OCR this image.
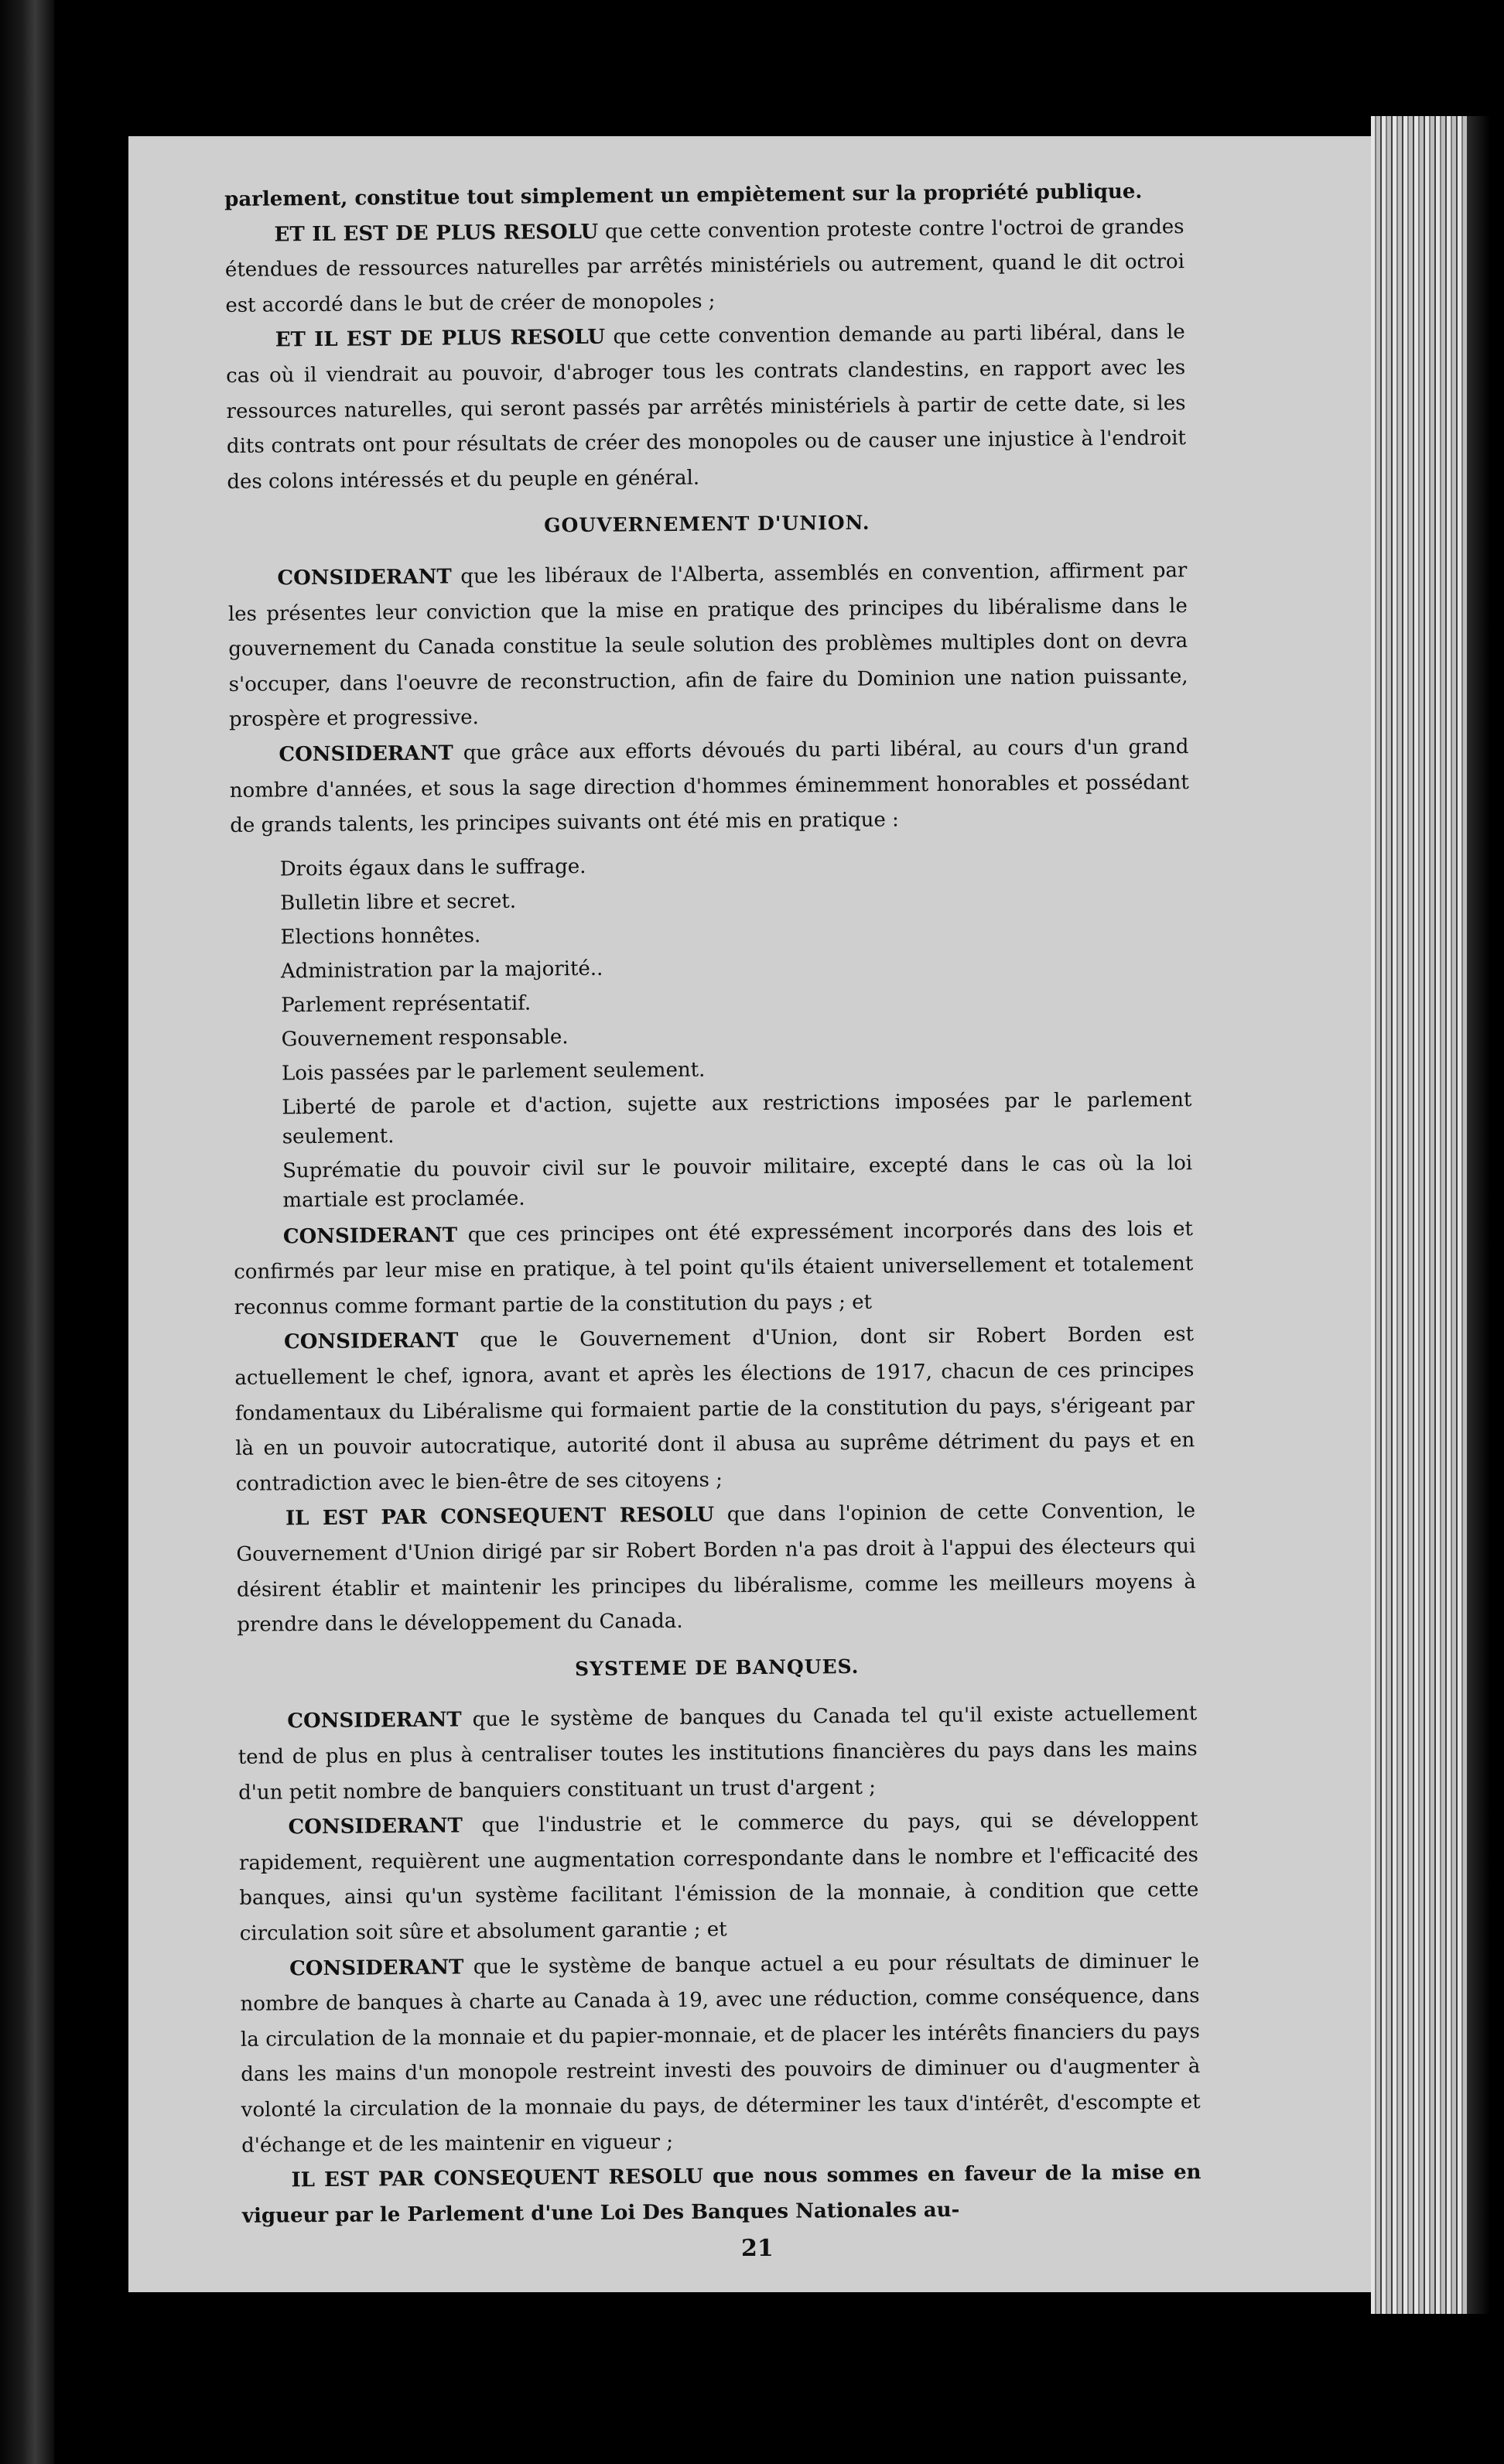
parlement, constitue tout simplement un empiètement sur la propriété publique.

ET IL EST DE PLUS RESOLU que cette convention proteste contre l'octroi de grandes étendues de ressources naturelles par arrêtés ministériels ou autrement, quand le dit octroi est accordé dans le but de créer de monopoles ;

ET IL EST DE PLUS RESOLU que cette convention demande au parti libéral, dans le cas où il viendrait au pouvoir, d'abroger tous les contrats clandestins, en rapport avec les ressources naturelles, qui seront passés par arrêtés ministériels à partir de cette date, si les dits contrats ont pour résultats de créer des monopoles ou de causer une injustice à l'endroit des colons intéressés et du peuple en général.

GOUVERNEMENT D'UNION.

CONSIDERANT que les libéraux de l'Alberta, assemblés en convention, affirment par les présentes leur conviction que la mise en pratique des principes du libéralisme dans le gouvernement du Canada constitue la seule solution des problèmes multiples dont on devra s'occuper, dans l'oeuvre de reconstruction, afin de faire du Dominion une nation puissante, prospère et progressive.

CONSIDERANT que grâce aux efforts dévoués du parti libéral, au cours d'un grand nombre d'années, et sous la sage direction d'hommes éminemment honorables et possédant de grands talents, les principes suivants ont été mis en pratique :

Droits égaux dans le suffrage.
Bulletin libre et secret.
Elections honnêtes.
Administration par la majorité..
Parlement représentatif.
Gouvernement responsable.
Lois passées par le parlement seulement.
Liberté de parole et d'action, sujette aux restrictions imposées par le parlement seulement.
Suprématie du pouvoir civil sur le pouvoir militaire, excepté dans le cas où la loi martiale est proclamée.

CONSIDERANT que ces principes ont été expressément incorporés dans des lois et confirmés par leur mise en pratique, à tel point qu'ils étaient universellement et totalement reconnus comme formant partie de la constitution du pays ; et

CONSIDERANT que le Gouvernement d'Union, dont sir Robert Borden est actuellement le chef, ignora, avant et après les élections de 1917, chacun de ces principes fondamentaux du Libéralisme qui formaient partie de la constitution du pays, s'érigeant par là en un pouvoir autocratique, autorité dont il abusa au suprême détriment du pays et en contradiction avec le bien-être de ses citoyens ;

IL EST PAR CONSEQUENT RESOLU que dans l'opinion de cette Convention, le Gouvernement d'Union dirigé par sir Robert Borden n'a pas droit à l'appui des électeurs qui désirent établir et maintenir les principes du libéralisme, comme les meilleurs moyens à prendre dans le développement du Canada.

SYSTEME DE BANQUES.

CONSIDERANT que le système de banques du Canada tel qu'il existe actuellement tend de plus en plus à centraliser toutes les institutions financières du pays dans les mains d'un petit nombre de banquiers constituant un trust d'argent ;

CONSIDERANT que l'industrie et le commerce du pays, qui se développent rapidement, requièrent une augmentation correspondante dans le nombre et l'efficacité des banques, ainsi qu'un système facilitant l'émission de la monnaie, à condition que cette circulation soit sûre et absolument garantie ; et

CONSIDERANT que le système de banque actuel a eu pour résultats de diminuer le nombre de banques à charte au Canada à 19, avec une réduction, comme conséquence, dans la circulation de la monnaie et du papier-monnaie, et de placer les intérêts financiers du pays dans les mains d'un monopole restreint investi des pouvoirs de diminuer ou d'augmenter à volonté la circulation de la monnaie du pays, de déterminer les taux d'intérêt, d'escompte et d'échange et de les maintenir en vigueur ;

IL EST PAR CONSEQUENT RESOLU que nous sommes en faveur de la mise en vigueur par le Parlement d'une Loi Des Banques Nationales au-

21
